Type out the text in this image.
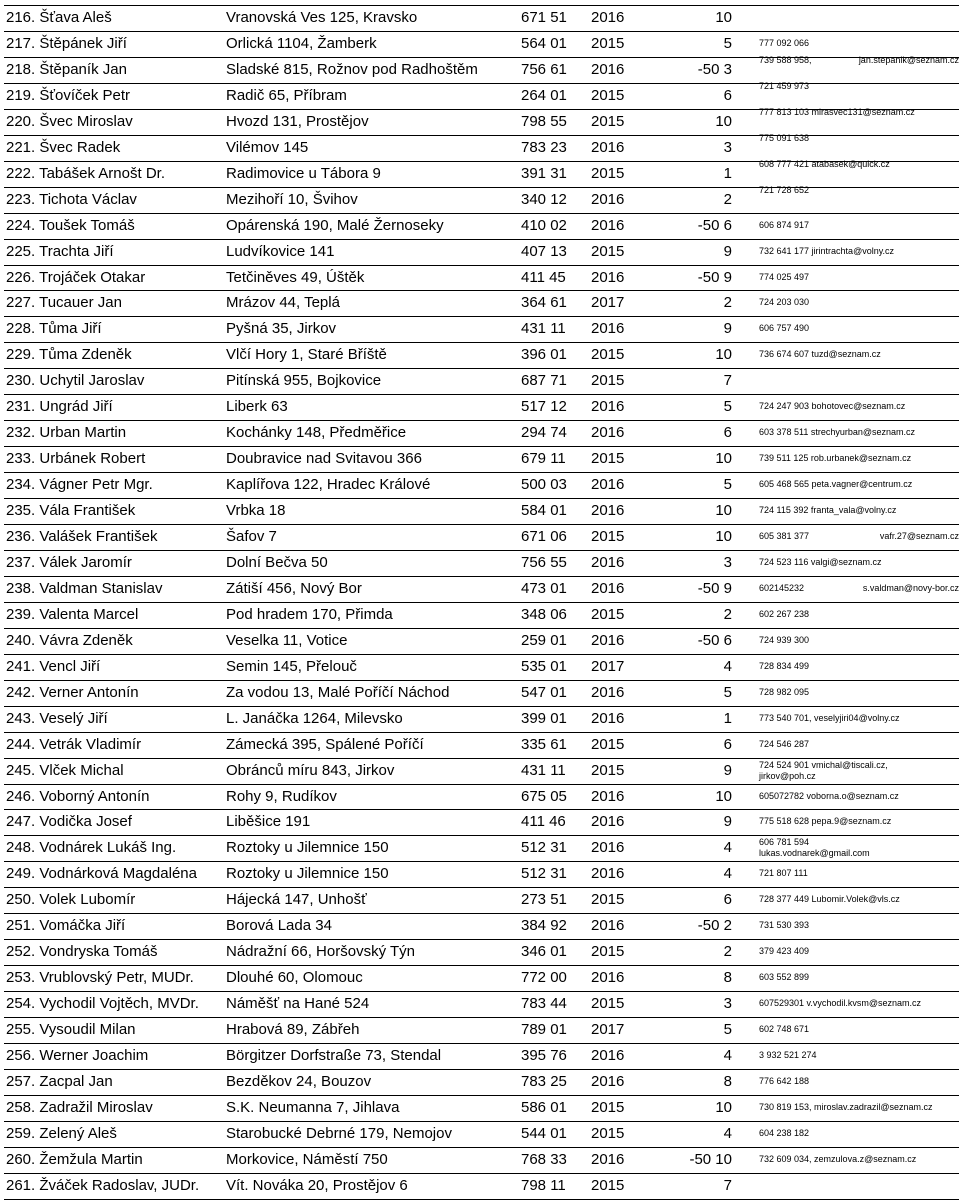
216. Šťava Aleš	Vranovská Ves 125, Kravsko	671 51 2016	10
217. Štěpánek Jiří	Orlická 1104, Žamberk	564 01 2015	5	777 092 066
218. Štěpaník Jan	Sladské 815, Rožnov pod Radhoštěm	756 61 2016	-50 3
739 588 958,	jan.stepanik@seznam.cz
219. Šťovíček Petr	Radič 65, Příbram	264 01 2015	6
721 459 973
220. Švec Miroslav	Hvozd 131, Prostějov	798 55 2015	10
777 813 103 mirasvec131@seznam.cz
221. Švec Radek	Vilémov 145	783 23 2016	3
775 091 638
222. Tabášek Arnošt Dr.	Radimovice u Tábora 9	391 31 2015	1
608 777 421 atabasek@quick.cz
223. Tichota Václav	Mezihoří 10, Švihov	340 12 2016	2
721 728 652
224. Toušek Tomáš	Opárenská 190, Malé Žernoseky	410 02 2016	-50 6	606 874 917
225. Trachta Jiří	Ludvíkovice 141	407 13 2015	9	732 641 177 jirintrachta@volny.cz
226. Trojáček Otakar	Tetčiněves 49, Úštěk	411 45 2016	-50 9	774 025 497
227. Tucauer Jan	Mrázov 44, Teplá	364 61 2017	2	724 203 030
228. Tůma Jiří	Pyšná 35, Jirkov	431 11 2016	9	606 757 490
229. Tůma Zdeněk	Vlčí Hory 1, Staré Bříště	396 01 2015	10	736 674 607 tuzd@seznam.cz
230. Uchytil Jaroslav	Pitínská 955, Bojkovice	687 71 2015	7
231. Ungrád Jiří	Liberk 63	517 12 2016	5	724 247 903 bohotovec@seznam.cz
232. Urban Martin	Kochánky 148, Předměřice	294 74 2016	6	603 378 511 strechyurban@seznam.cz
233. Urbánek Robert	Doubravice nad Svitavou 366	679 11 2015	10	739 511 125 rob.urbanek@seznam.cz
234. Vágner Petr Mgr.	Kaplířova 122, Hradec Králové	500 03 2016	5	605 468 565 peta.vagner@centrum.cz
235. Vála František	Vrbka 18	584 01 2016	10	724 115 392 franta_vala@volny.cz
236. Valášek František	Šafov 7	671 06 2015	10	605 381 377	vafr.27@seznam.cz
237. Válek Jaromír	Dolní Bečva 50	756 55 2016	3	724 523 116 valgi@seznam.cz
238. Valdman Stanislav	Zátiší 456, Nový Bor	473 01 2016	-50 9	602145232	s.valdman@novy-bor.cz
239. Valenta Marcel	Pod hradem 170, Přimda	348 06 2015	2	602 267 238
240. Vávra Zdeněk	Veselka 11, Votice	259 01 2016	-50 6	724 939 300
241. Vencl Jiří	Semin 145, Přelouč	535 01 2017	4	728 834 499
242. Verner Antonín	Za vodou 13, Malé Poříčí Náchod	547 01 2016	5	728 982 095
243. Veselý Jiří	L. Janáčka 1264, Milevsko	399 01 2016	1	773 540 701, veselyjiri04@volny.cz
244. Vetrák Vladimír	Zámecká 395, Spálené Poříčí	335 61 2015	6	724 546 287
245. Vlček Michal	Obránců míru 843, Jirkov	431 11 2015	9	724 524 901 vmichal@tiscali.cz,
jirkov@poh.cz
246. Voborný Antonín	Rohy 9, Rudíkov	675 05 2016	10	605072782 voborna.o@seznam.cz
247. Vodička Josef	Liběšice 191	411 46 2016	9	775 518 628 pepa.9@seznam.cz
248. Vodnárek Lukáš Ing.	Roztoky u Jilemnice 150	512 31 2016	4	606 781 594
lukas.vodnarek@gmail.com
249. Vodnárková Magdaléna Roztoky u Jilemnice 150	512 31 2016	4	721 807 111
250. Volek Lubomír	Hájecká 147, Unhošť	273 51 2015	6	728 377 449 Lubomir.Volek@vls.cz
251. Vomáčka Jiří	Borová Lada 34	384 92 2016	-50 2	731 530 393
252. Vondryska Tomáš	Nádražní 66, Horšovský Týn	346 01 2015	2	379 423 409
253. Vrublovský Petr, MUDr. Dlouhé 60, Olomouc	772 00 2016	8	603 552 899
254. Vychodil Vojtěch, MVDr. Náměšť na Hané 524	783 44 2015	3	607529301 v.vychodil.kvsm@seznam.cz
255. Vysoudil Milan	Hrabová 89, Zábřeh	789 01 2017	5	602 748 671
256. Werner Joachim	Börgitzer Dorfstraße 73, Stendal	395 76 2016	4	3 932 521 274
257. Zacpal Jan	Bezděkov 24, Bouzov	783 25 2016	8	776 642 188
258. Zadražil Miroslav	S.K. Neumanna 7, Jihlava	586 01 2015	10	730 819 153, miroslav.zadrazil@seznam.cz
259. Zelený Aleš	Starobucké Debrné 179, Nemojov	544 01 2015	4	604 238 182
260. Žemžula Martin	Morkovice, Náměstí 750	768 33 2016	-50 10	732 609 034, zemzulova.z@seznam.cz
261. Žváček Radoslav, JUDr. Vít. Nováka 20, Prostějov 6	798 11 2015	7
